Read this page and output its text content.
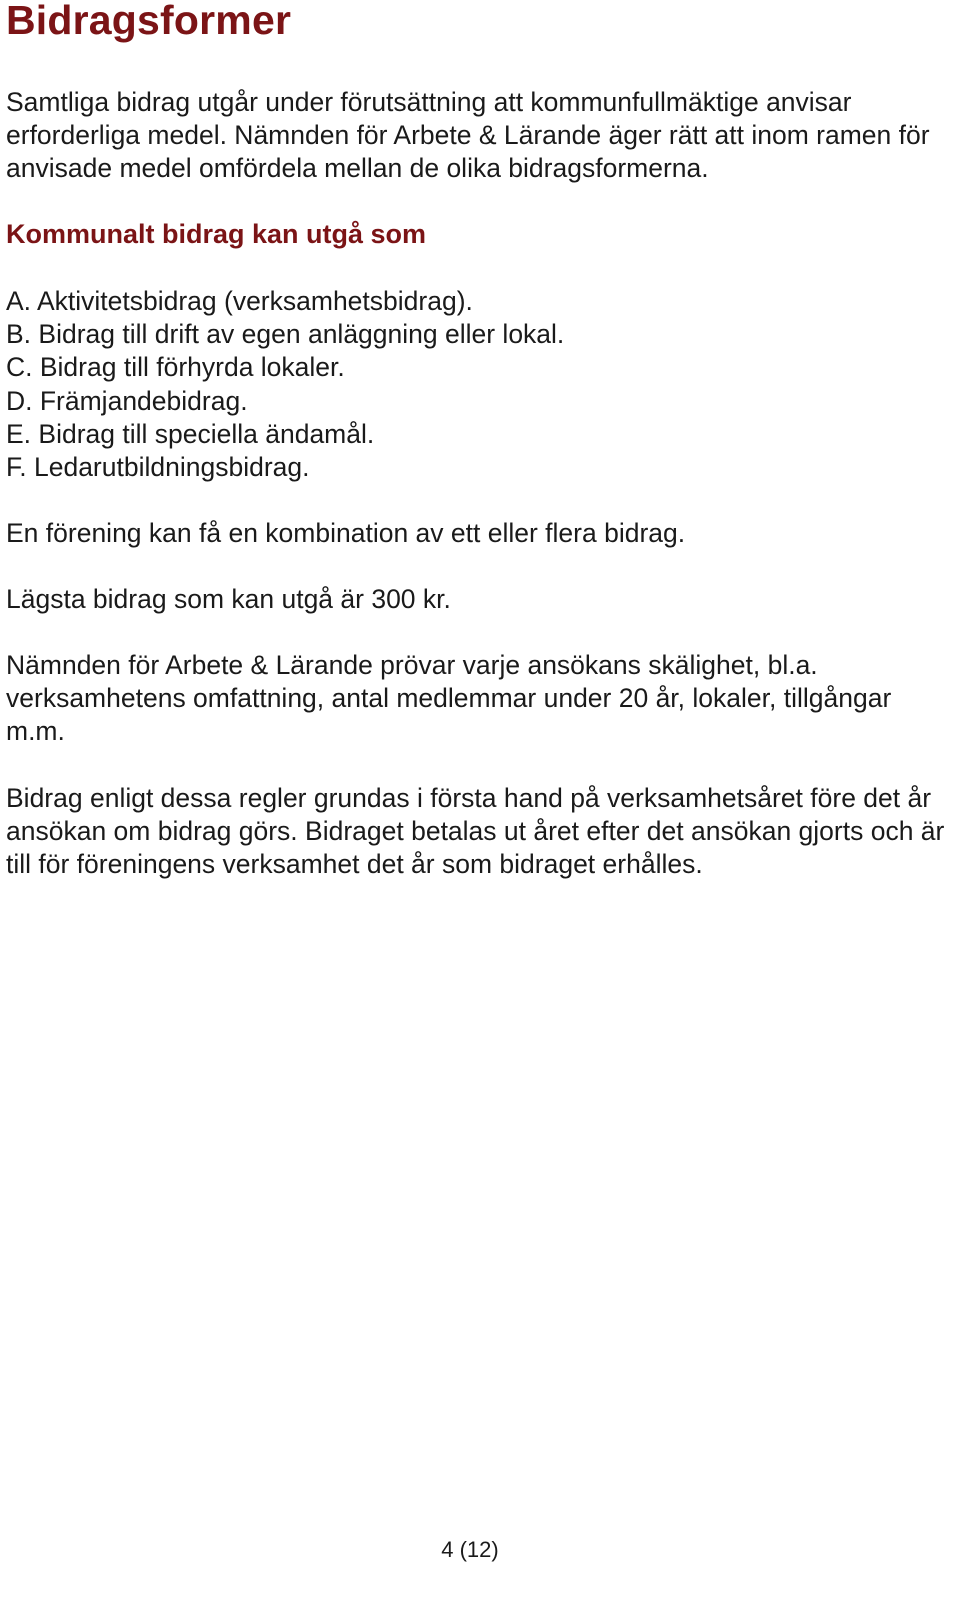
Bidragsformer

Samtliga bidrag utgår under förutsättning att kommunfullmäktige anvisar erforderliga medel. Nämnden för Arbete & Lärande äger rätt att inom ramen för anvisade medel omfördela mellan de olika bidragsformerna.

Kommunalt bidrag kan utgå som
A. Aktivitetsbidrag (verksamhetsbidrag).
B. Bidrag till drift av egen anläggning eller lokal.
C. Bidrag till förhyrda lokaler.
D. Främjandebidrag.
E. Bidrag till speciella ändamål.
F. Ledarutbildningsbidrag.

En förening kan få en kombination av ett eller flera bidrag.

Lägsta bidrag som kan utgå är 300 kr.

Nämnden för Arbete & Lärande prövar varje ansökans skälighet, bl.a. verksamhetens omfattning, antal medlemmar under 20 år, lokaler, tillgångar m.m.

Bidrag enligt dessa regler grundas i första hand på verksamhetsåret före det år ansökan om bidrag görs. Bidraget betalas ut året efter det ansökan gjorts och är till för föreningens verksamhet det år som bidraget erhålles.

4 (12)
